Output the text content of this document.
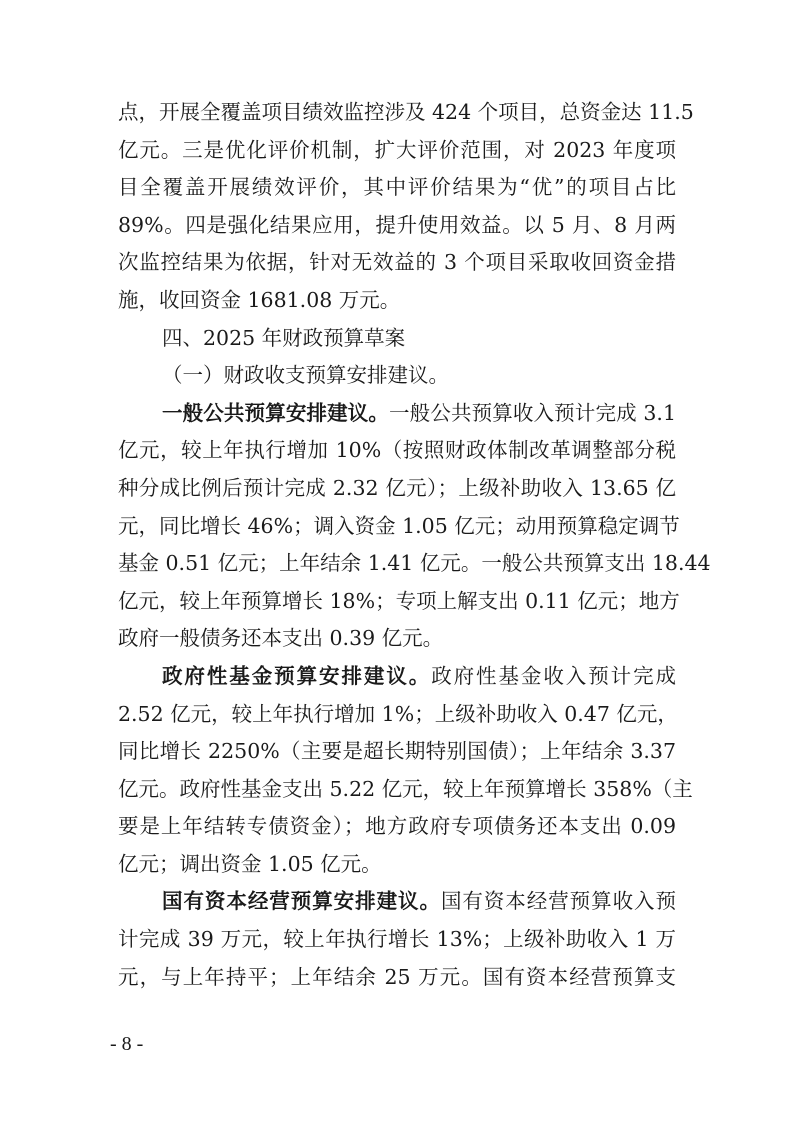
点，开展全覆盖项目绩效监控涉及 424 个项目，总资金达 11.5
亿元。三是优化评价机制，扩大评价范围，对 2023 年度项
目全覆盖开展绩效评价，其中评价结果为“优”的项目占比
89%。四是强化结果应用，提升使用效益。以 5 月、8 月两
次监控结果为依据，针对无效益的 3 个项目采取收回资金措
施，收回资金 1681.08 万元。
四、2025 年财政预算草案
（一）财政收支预算安排建议。
一般公共预算安排建议。一般公共预算收入预计完成 3.1
亿元，较上年执行增加 10%（按照财政体制改革调整部分税
种分成比例后预计完成 2.32 亿元）；上级补助收入 13.65 亿
元，同比增长 46%；调入资金 1.05 亿元；动用预算稳定调节
基金 0.51 亿元；上年结余 1.41 亿元。一般公共预算支出 18.44
亿元，较上年预算增长 18%；专项上解支出 0.11 亿元；地方
政府一般债务还本支出 0.39 亿元。
政府性基金预算安排建议。政府性基金收入预计完成
2.52 亿元，较上年执行增加 1%；上级补助收入 0.47 亿元，
同比增长 2250%（主要是超长期特别国债）；上年结余 3.37
亿元。政府性基金支出 5.22 亿元，较上年预算增长 358%（主
要是上年结转专债资金）；地方政府专项债务还本支出 0.09
亿元；调出资金 1.05 亿元。
国有资本经营预算安排建议。国有资本经营预算收入预
计完成 39 万元，较上年执行增长 13%；上级补助收入 1 万
元，与上年持平；上年结余 25 万元。国有资本经营预算支
- 8 -
